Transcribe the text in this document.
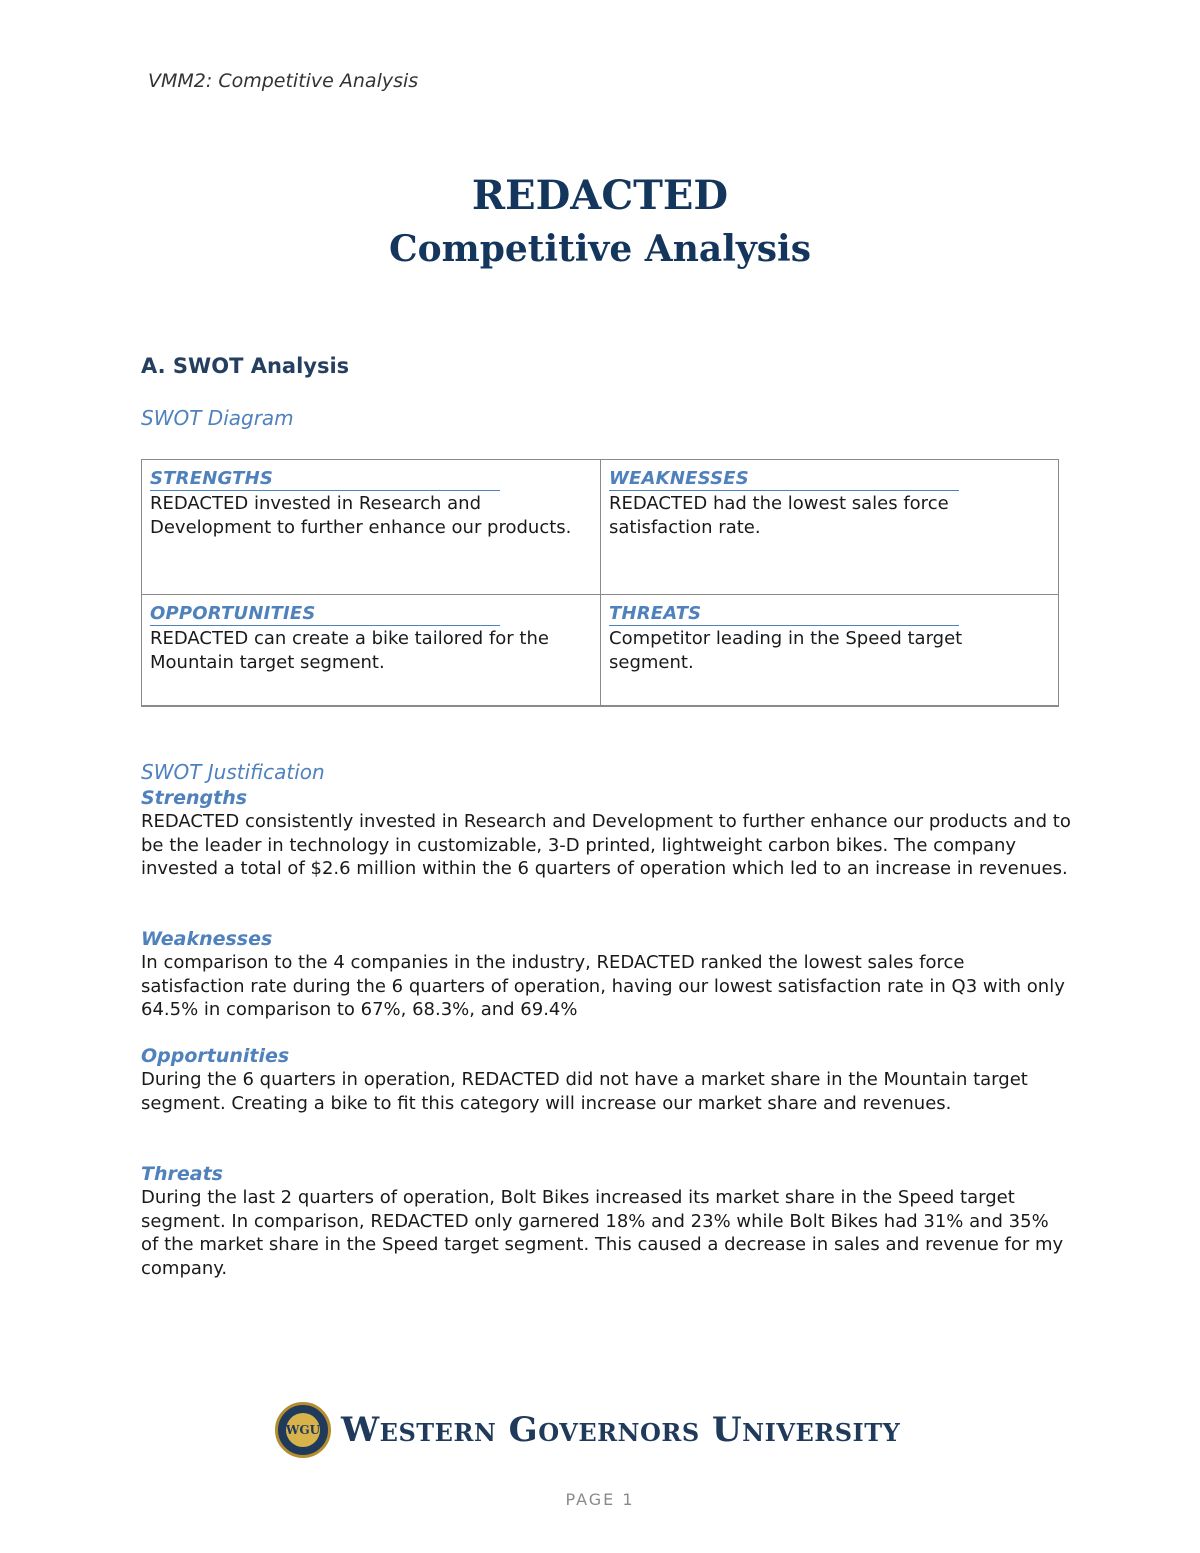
VMM2: Competitive Analysis
REDACTED
Competitive Analysis
A. SWOT Analysis
SWOT Diagram
STRENGTHS
REDACTED invested in Research and Development to further enhance our products.
WEAKNESSES
REDACTED had the lowest sales force satisfaction rate.
OPPORTUNITIES
REDACTED can create a bike tailored for the Mountain target segment.
THREATS
Competitor leading in the Speed target segment.
SWOT Justification
Strengths
REDACTED consistently invested in Research and Development to further enhance our products and to be the leader in technology in customizable, 3-D printed, lightweight carbon bikes. The company invested a total of $2.6 million within the 6 quarters of operation which led to an increase in revenues.
Weaknesses
In comparison to the 4 companies in the industry, REDACTED ranked the lowest sales force satisfaction rate during the 6 quarters of operation, having our lowest satisfaction rate in Q3 with only 64.5% in comparison to 67%, 68.3%, and 69.4%
Opportunities
During the 6 quarters in operation, REDACTED did not have a market share in the Mountain target segment. Creating a bike to fit this category will increase our market share and revenues.
Threats
During the last 2 quarters of operation, Bolt Bikes increased its market share in the Speed target segment. In comparison, REDACTED only garnered 18% and 23% while Bolt Bikes had 31% and 35% of the market share in the Speed target segment. This caused a decrease in sales and revenue for my company.
WGU Western Governors University
PAGE 1
